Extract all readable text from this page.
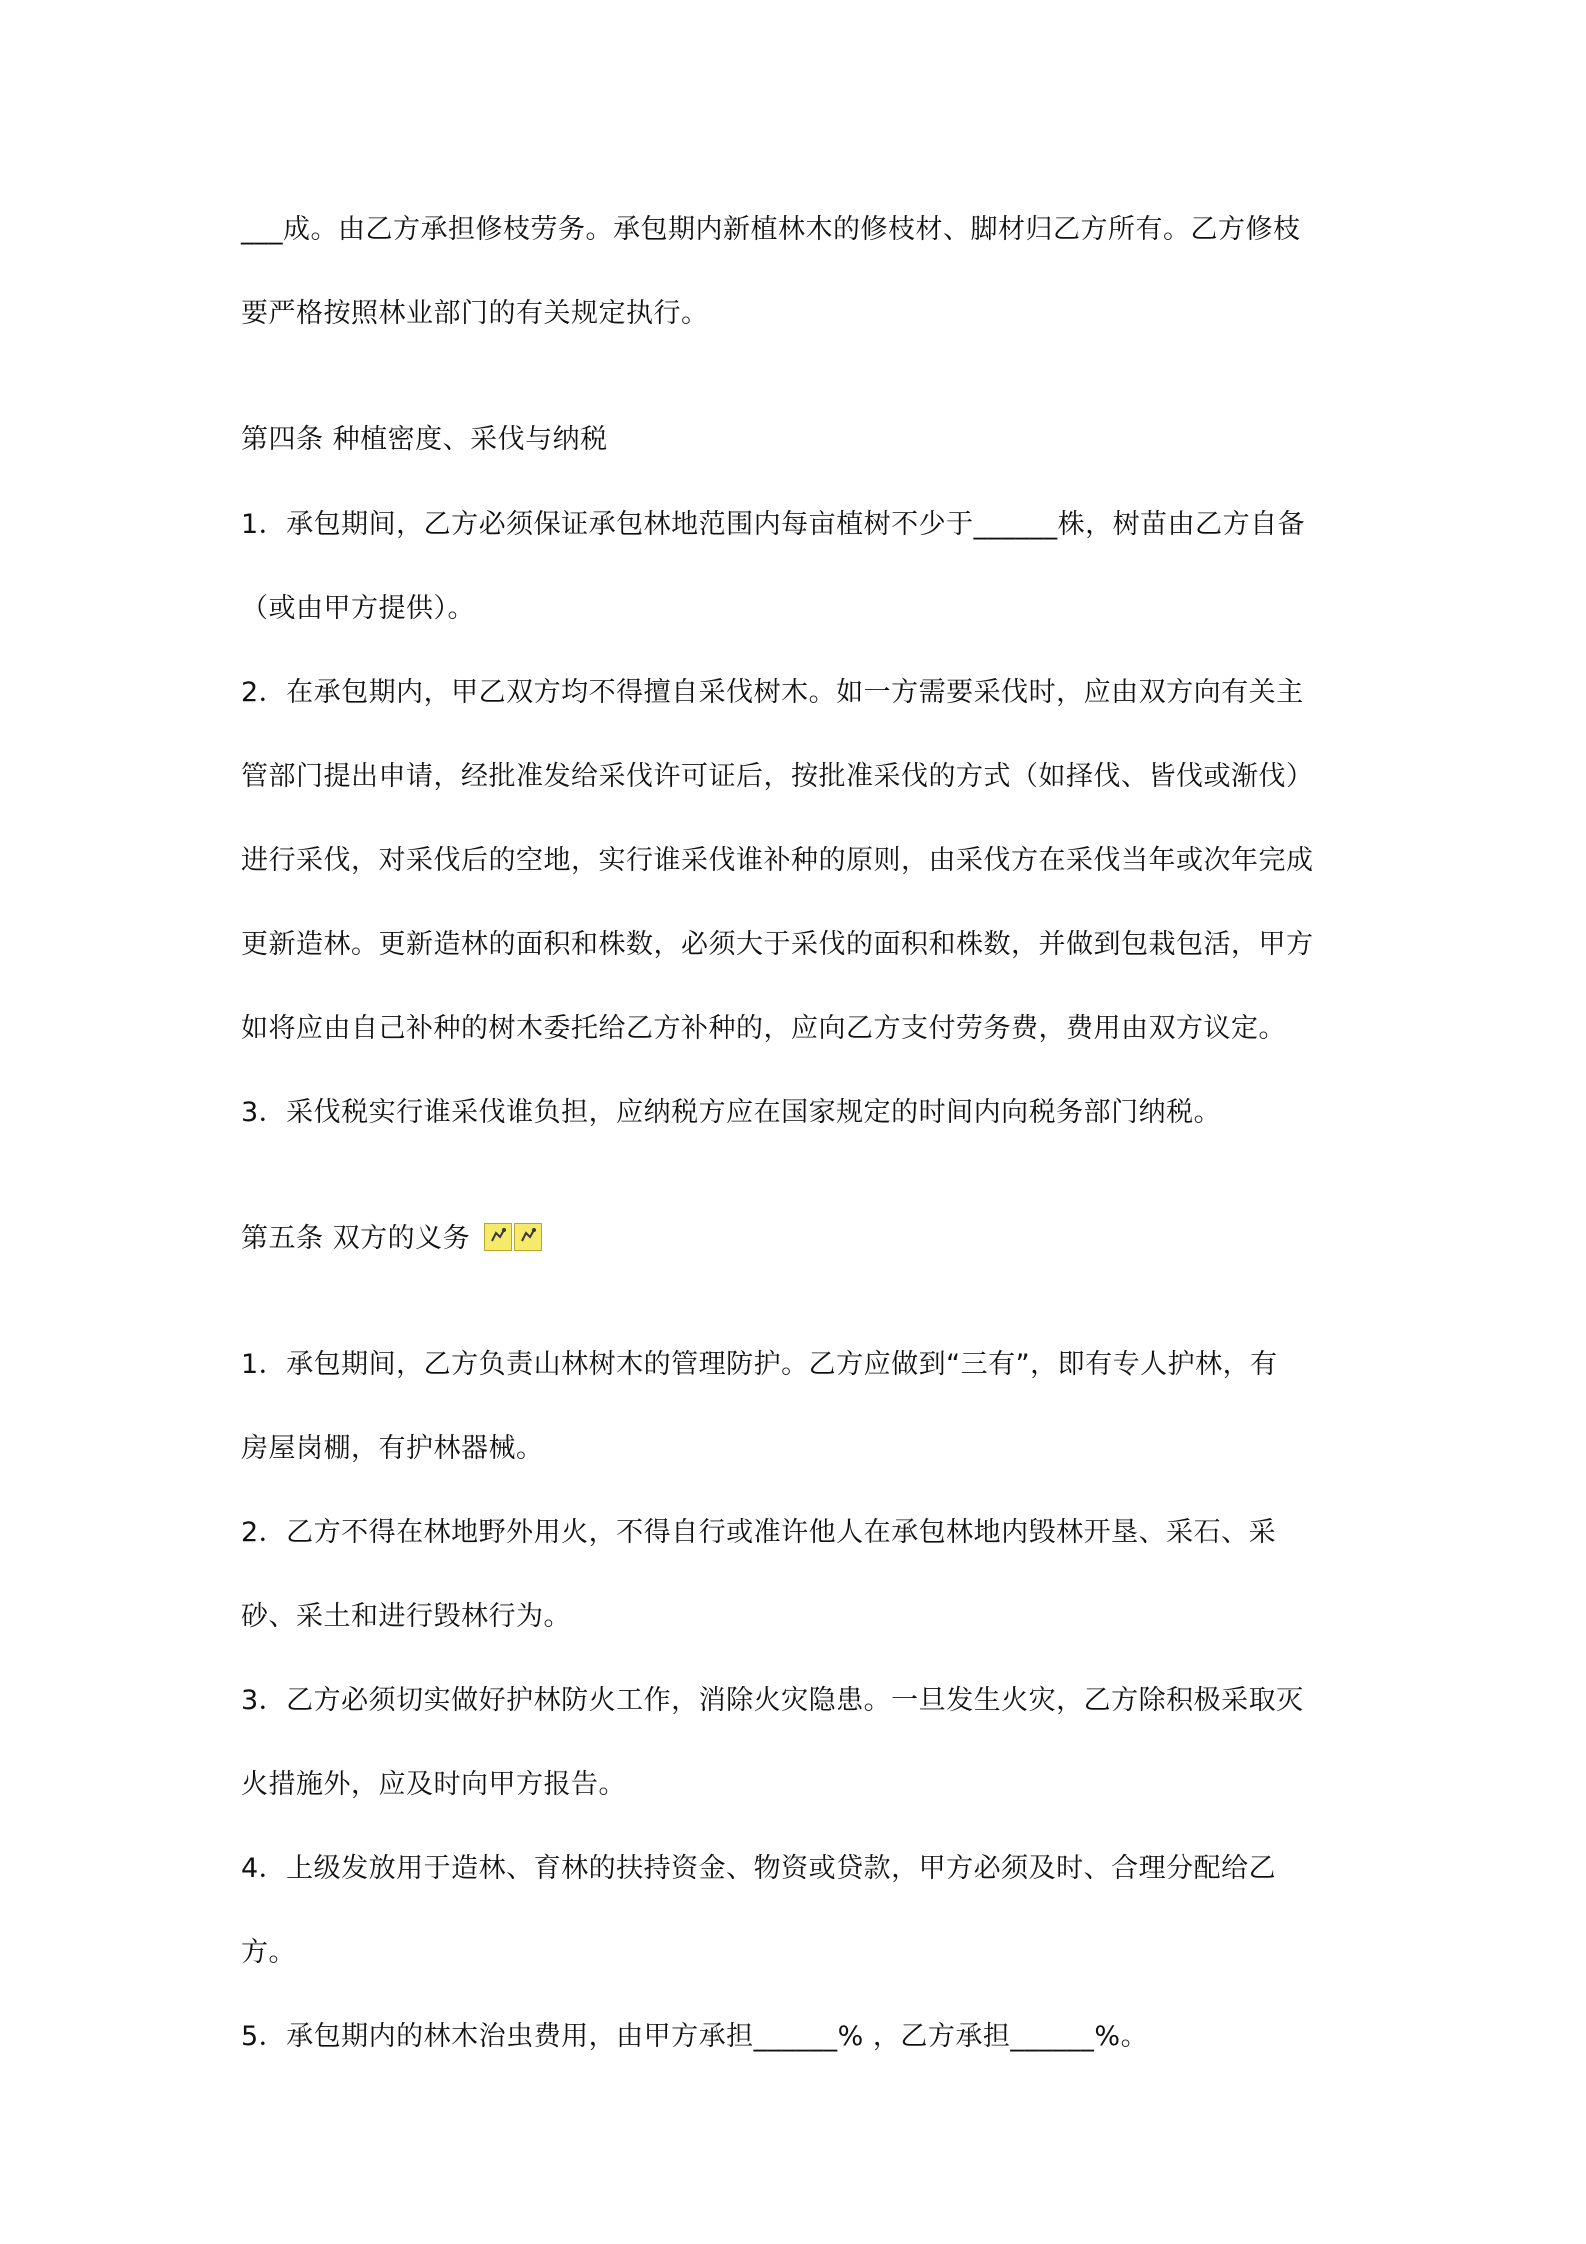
___成。由乙方承担修枝劳务。承包期内新植林木的修枝材、脚材归乙方所有。乙方修枝
要严格按照林业部门的有关规定执行。
第四条 种植密度、采伐与纳税
1．承包期间，乙方必须保证承包林地范围内每亩植树不少于______株，树苗由乙方自备
（或由甲方提供）。
2．在承包期内，甲乙双方均不得擅自采伐树木。如一方需要采伐时，应由双方向有关主
管部门提出申请，经批准发给采伐许可证后，按批准采伐的方式（如择伐、皆伐或渐伐）
进行采伐，对采伐后的空地，实行谁采伐谁补种的原则，由采伐方在采伐当年或次年完成
更新造林。更新造林的面积和株数，必须大于采伐的面积和株数，并做到包栽包活，甲方
如将应由自己补种的树木委托给乙方补种的，应向乙方支付劳务费，费用由双方议定。
3．采伐税实行谁采伐谁负担，应纳税方应在国家规定的时间内向税务部门纳税。
第五条 双方的义务
1．承包期间，乙方负责山林树木的管理防护。乙方应做到“三有”，即有专人护林，有
房屋岗棚，有护林器械。
2．乙方不得在林地野外用火，不得自行或准许他人在承包林地内毁林开垦、采石、采
砂、采土和进行毁林行为。
3．乙方必须切实做好护林防火工作，消除火灾隐患。一旦发生火灾，乙方除积极采取灭
火措施外，应及时向甲方报告。
4．上级发放用于造林、育林的扶持资金、物资或贷款，甲方必须及时、合理分配给乙
方。
5．承包期内的林木治虫费用，由甲方承担______% ，乙方承担______%。
